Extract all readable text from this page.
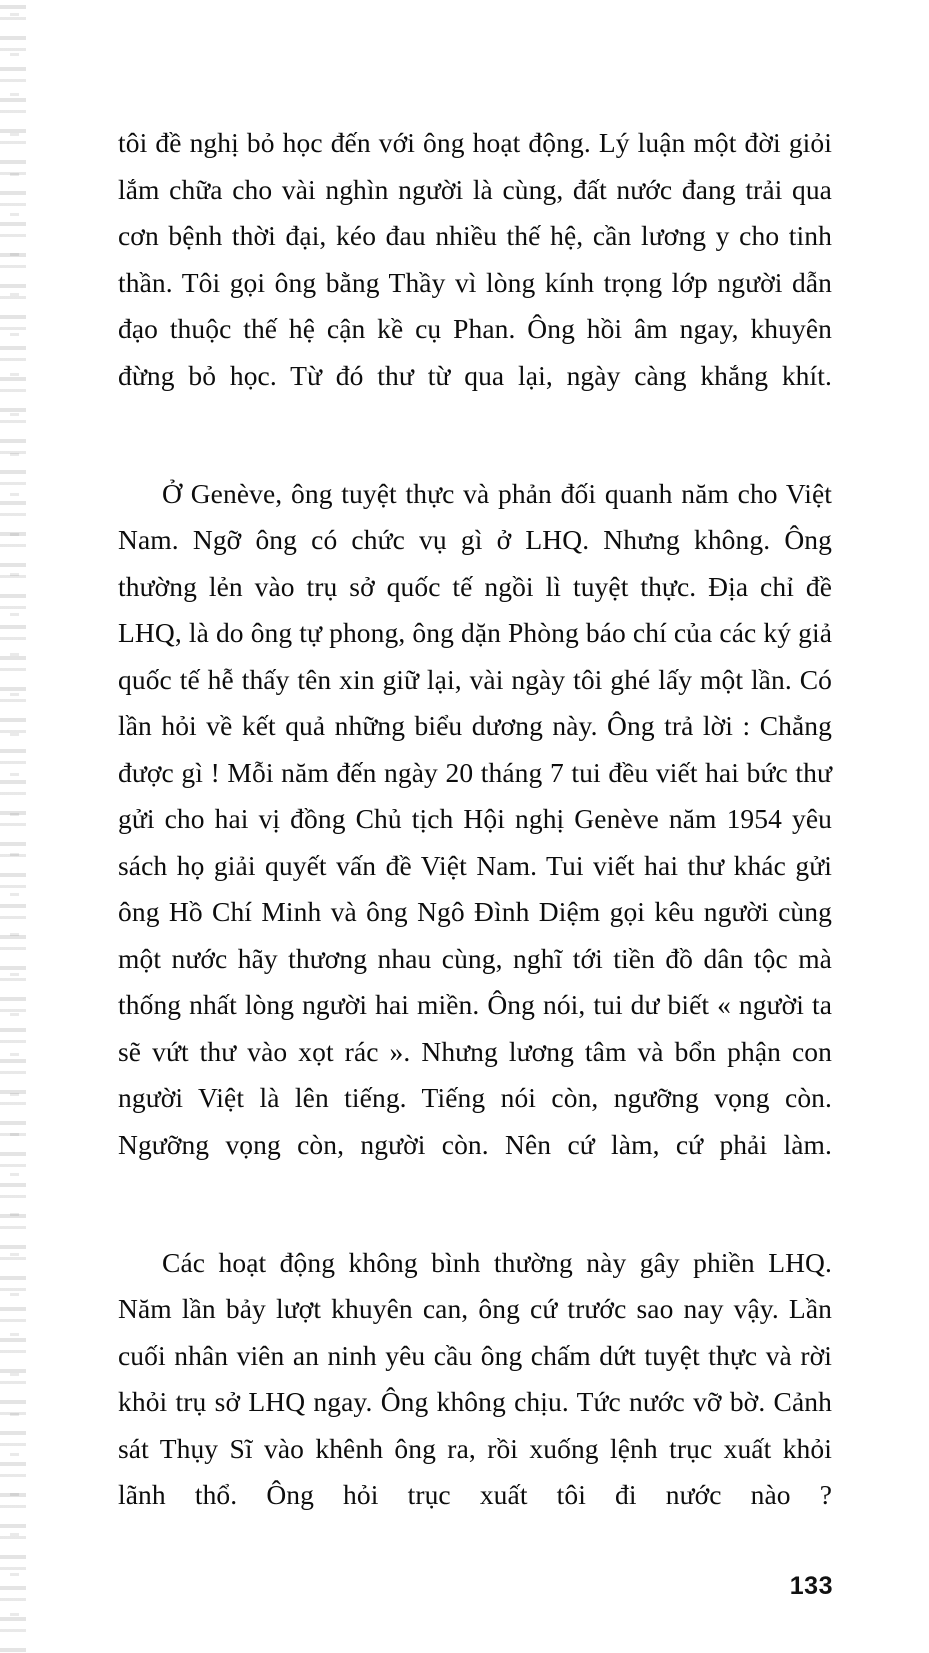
tôi đề nghị bỏ học đến với ông hoạt động. Lý luận một đời giỏi lắm chữa cho vài nghìn người là cùng, đất nước đang trải qua cơn bệnh thời đại, kéo đau nhiều thế hệ, cần lương y cho tinh thần. Tôi gọi ông bằng Thầy vì lòng kính trọng lớp người dẫn đạo thuộc thế hệ cận kề cụ Phan. Ông hồi âm ngay, khuyên đừng bỏ học. Từ đó thư từ qua lại, ngày càng khắng khít.

Ở Genève, ông tuyệt thực và phản đối quanh năm cho Việt Nam. Ngỡ ông có chức vụ gì ở LHQ. Nhưng không. Ông thường lẻn vào trụ sở quốc tế ngồi lì tuyệt thực. Địa chỉ đề LHQ, là do ông tự phong, ông dặn Phòng báo chí của các ký giả quốc tế hễ thấy tên xin giữ lại, vài ngày tôi ghé lấy một lần. Có lần hỏi về kết quả những biểu dương này. Ông trả lời : Chẳng được gì ! Mỗi năm đến ngày 20 tháng 7 tui đều viết hai bức thư gửi cho hai vị đồng Chủ tịch Hội nghị Genève năm 1954 yêu sách họ giải quyết vấn đề Việt Nam. Tui viết hai thư khác gửi ông Hồ Chí Minh và ông Ngô Đình Diệm gọi kêu người cùng một nước hãy thương nhau cùng, nghĩ tới tiền đồ dân tộc mà thống nhất lòng người hai miền. Ông nói, tui dư biết « người ta sẽ vứt thư vào xọt rác ». Nhưng lương tâm và bổn phận con người Việt là lên tiếng. Tiếng nói còn, ngưỡng vọng còn. Ngưỡng vọng còn, người còn. Nên cứ làm, cứ phải làm.

Các hoạt động không bình thường này gây phiền LHQ. Năm lần bảy lượt khuyên can, ông cứ trước sao nay vậy. Lần cuối nhân viên an ninh yêu cầu ông chấm dứt tuyệt thực và rời khỏi trụ sở LHQ ngay. Ông không chịu. Tức nước vỡ bờ. Cảnh sát Thụy Sĩ vào khênh ông ra, rồi xuống lệnh trục xuất khỏi lãnh thổ. Ông hỏi trục xuất tôi đi nước nào ?

133
